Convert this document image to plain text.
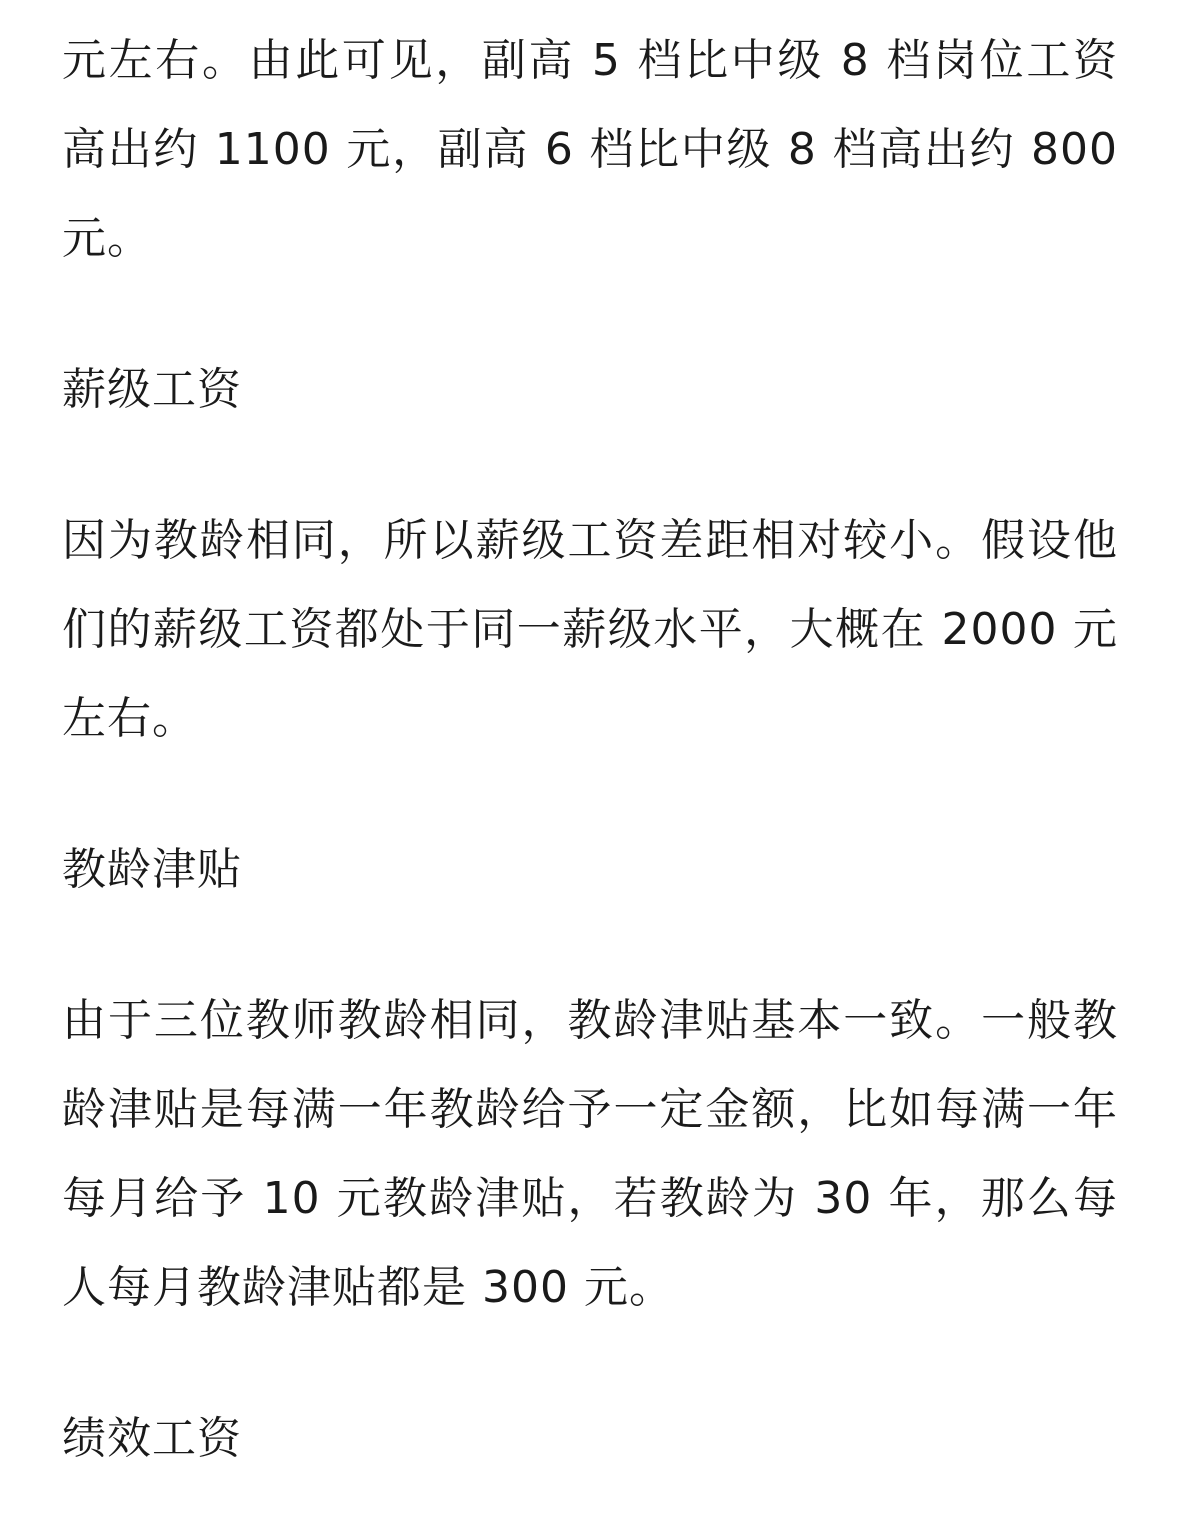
元左右。由此可见，副高 5 档比中级 8 档岗位工资高出约 1100 元，副高 6 档比中级 8 档高出约 800 元。

薪级工资

因为教龄相同，所以薪级工资差距相对较小。假设他们的薪级工资都处于同一薪级水平，大概在 2000 元左右。

教龄津贴

由于三位教师教龄相同，教龄津贴基本一致。一般教龄津贴是每满一年教龄给予一定金额，比如每满一年每月给予 10 元教龄津贴，若教龄为 30 年，那么每人每月教龄津贴都是 300 元。

绩效工资
